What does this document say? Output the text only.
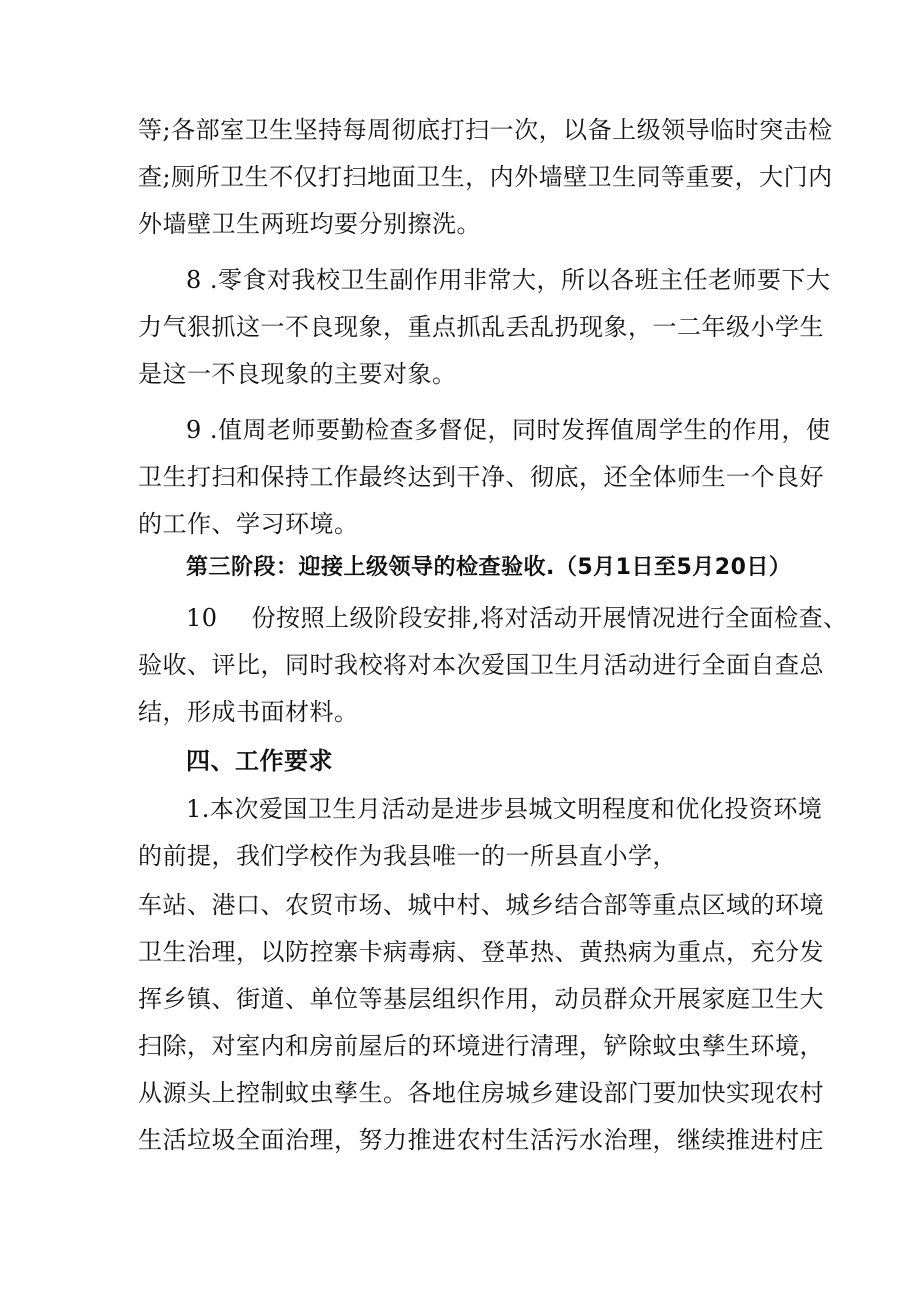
等;各部室卫生坚持每周彻底打扫一次，以备上级领导临时突击检
查;厕所卫生不仅打扫地面卫生，内外墙壁卫生同等重要，大门内
外墙壁卫生两班均要分别擦洗。
8 .零食对我校卫生副作用非常大，所以各班主任老师要下大
力气狠抓这一不良现象，重点抓乱丢乱扔现象，一二年级小学生
是这一不良现象的主要对象。
9 .值周老师要勤检查多督促，同时发挥值周学生的作用，使
卫生打扫和保持工作最终达到干净、彻底，还全体师生一个良好
的工作、学习环境。
第三阶段：迎接上级领导的检查验收.（5月1日至5月20日）
10 份按照上级阶段安排,将对活动开展情况进行全面检查、
验收、评比，同时我校将对本次爱国卫生月活动进行全面自查总
结，形成书面材料。
四、工作要求
1.本次爱国卫生月活动是进步县城文明程度和优化投资环境
的前提，我们学校作为我县唯一的一所县直小学，
车站、港口、农贸市场、城中村、城乡结合部等重点区域的环境
卫生治理，以防控寨卡病毒病、登革热、黄热病为重点，充分发
挥乡镇、街道、单位等基层组织作用，动员群众开展家庭卫生大
扫除，对室内和房前屋后的环境进行清理，铲除蚊虫孳生环境，
从源头上控制蚊虫孳生。各地住房城乡建设部门要加快实现农村
生活垃圾全面治理，努力推进农村生活污水治理，继续推进村庄
